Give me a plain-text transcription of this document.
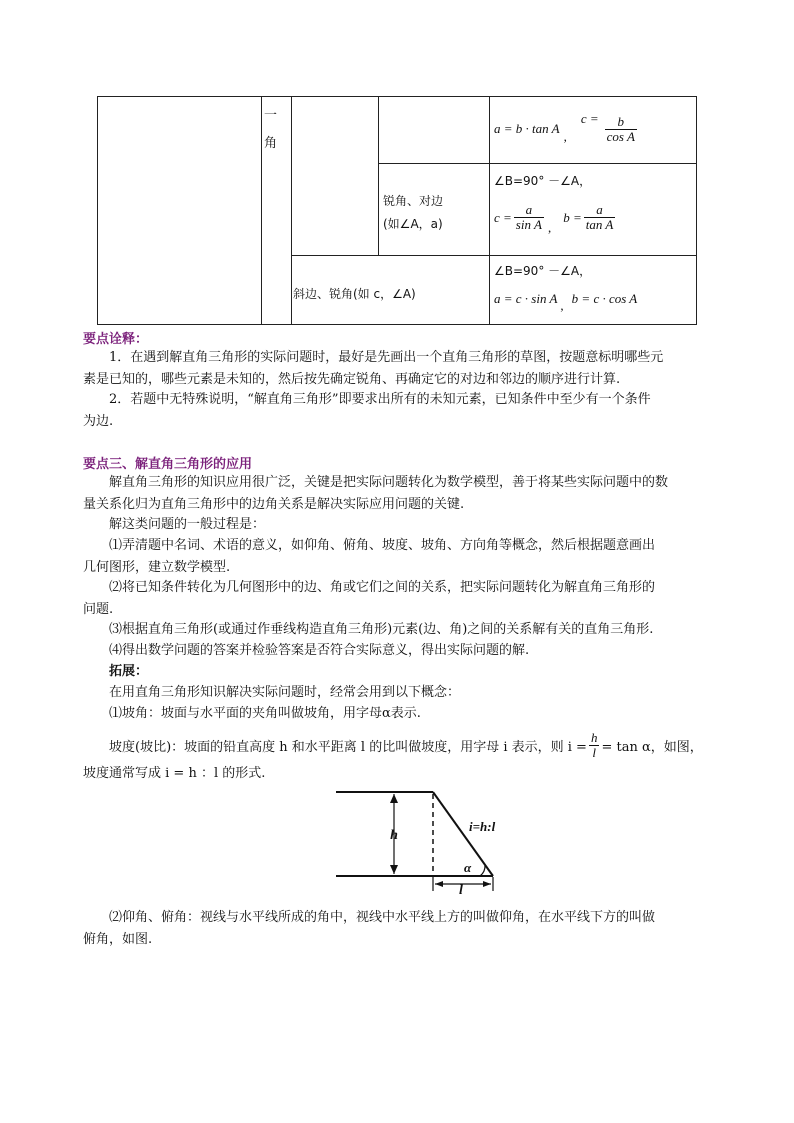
一
角
a = b · tan A
,
$c = \frac{b}{\text{cos A}}$
锐角、对边
(如∠A，a)
∠B=90° －∠A，
$c = \frac{a}{\text{sin A}}$ ,
$b = \frac{a}{\text{tan A}}$
斜边、锐角(如 c，∠A)
∠B=90° －∠A，
a = c · sin A , b = c · cos A
要点诠释：
1．在遇到解直角三角形的实际问题时，最好是先画出一个直角三角形的草图，按题意标明哪些元
素是已知的，哪些元素是未知的，然后按先确定锐角、再确定它的对边和邻边的顺序进行计算.
2．若题中无特殊说明，“解直角三角形”即要求出所有的未知元素，已知条件中至少有一个条件
为边.
要点三、解直角三角形的应用
解直角三角形的知识应用很广泛，关键是把实际问题转化为数学模型，善于将某些实际问题中的数
量关系化归为直角三角形中的边角关系是解决实际应用问题的关键.
解这类问题的一般过程是：
⑴弄清题中名词、术语的意义，如仰角、俯角、坡度、坡角、方向角等概念，然后根据题意画出
几何图形，建立数学模型.
⑵将已知条件转化为几何图形中的边、角或它们之间的关系，把实际问题转化为解直角三角形的
问题.
⑶根据直角三角形(或通过作垂线构造直角三角形)元素(边、角)之间的关系解有关的直角三角形.
⑷得出数学问题的答案并检验答案是否符合实际意义，得出实际问题的解.
拓展：
在用直角三角形知识解决实际问题时，经常会用到以下概念：
⑴坡角：坡面与水平面的夹角叫做坡角，用字母α表示.
坡度(坡比)：坡面的铅直高度 h 和水平距离 l 的比叫做坡度，用字母 i 表示，则 $i = \frac{h}{l} = \tan \alpha$，如图，
坡度通常写成 i = h ：l 的形式.
h
i=h:l
α
l
⑵仰角、俯角：视线与水平线所成的角中，视线中水平线上方的叫做仰角，在水平线下方的叫做
俯角，如图.
